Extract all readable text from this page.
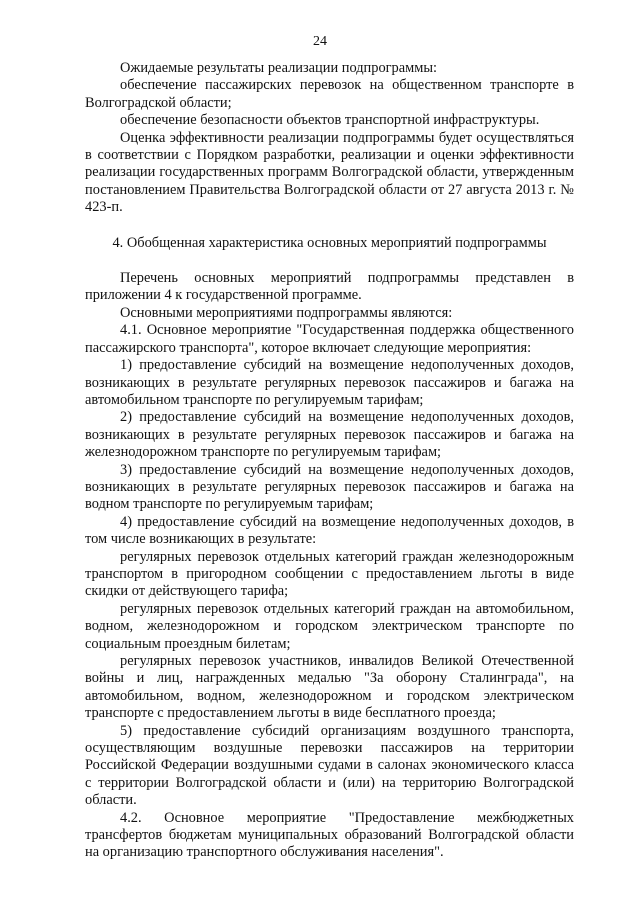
24

Ожидаемые результаты реализации подпрограммы:

обеспечение пассажирских перевозок на общественном транспорте в Волгоградской области;

обеспечение безопасности объектов транспортной инфраструктуры.

Оценка эффективности реализации подпрограммы будет осуществляться в соответствии с Порядком разработки, реализации и оценки эффективности реализации государственных программ Волгоградской области, утвержденным постановлением Правительства Волгоградской области от 27 августа 2013 г. № 423-п.

4. Обобщенная характеристика основных мероприятий подпрограммы

Перечень основных мероприятий подпрограммы представлен в приложении 4 к государственной программе.

Основными мероприятиями подпрограммы являются:

4.1. Основное мероприятие "Государственная поддержка общественного пассажирского транспорта", которое включает следующие мероприятия:

1) предоставление субсидий на возмещение недополученных доходов, возникающих в результате регулярных перевозок пассажиров и багажа на автомобильном транспорте по регулируемым тарифам;

2) предоставление субсидий на возмещение недополученных доходов, возникающих в результате регулярных перевозок пассажиров и багажа на железнодорожном транспорте по регулируемым тарифам;

3) предоставление субсидий на возмещение недополученных доходов, возникающих в результате регулярных перевозок пассажиров и багажа на водном транспорте по регулируемым тарифам;

4) предоставление субсидий на возмещение недополученных доходов, в том числе возникающих в результате:

регулярных перевозок отдельных категорий граждан железнодорожным транспортом в пригородном сообщении с предоставлением льготы в виде скидки от действующего тарифа;

регулярных перевозок отдельных категорий граждан на автомобильном, водном, железнодорожном и городском электрическом транспорте по социальным проездным билетам;

регулярных перевозок участников, инвалидов Великой Отечественной войны и лиц, награжденных медалью "За оборону Сталинграда", на автомобильном, водном, железнодорожном и городском электрическом транспорте с предоставлением льготы в виде бесплатного проезда;

5) предоставление субсидий организациям воздушного транспорта, осуществляющим воздушные перевозки пассажиров на территории Российской Федерации воздушными судами в салонах экономического класса с территории Волгоградской области и (или) на территорию Волгоградской области.

4.2. Основное мероприятие "Предоставление межбюджетных трансфертов бюджетам муниципальных образований Волгоградской области на организацию транспортного обслуживания населения".
